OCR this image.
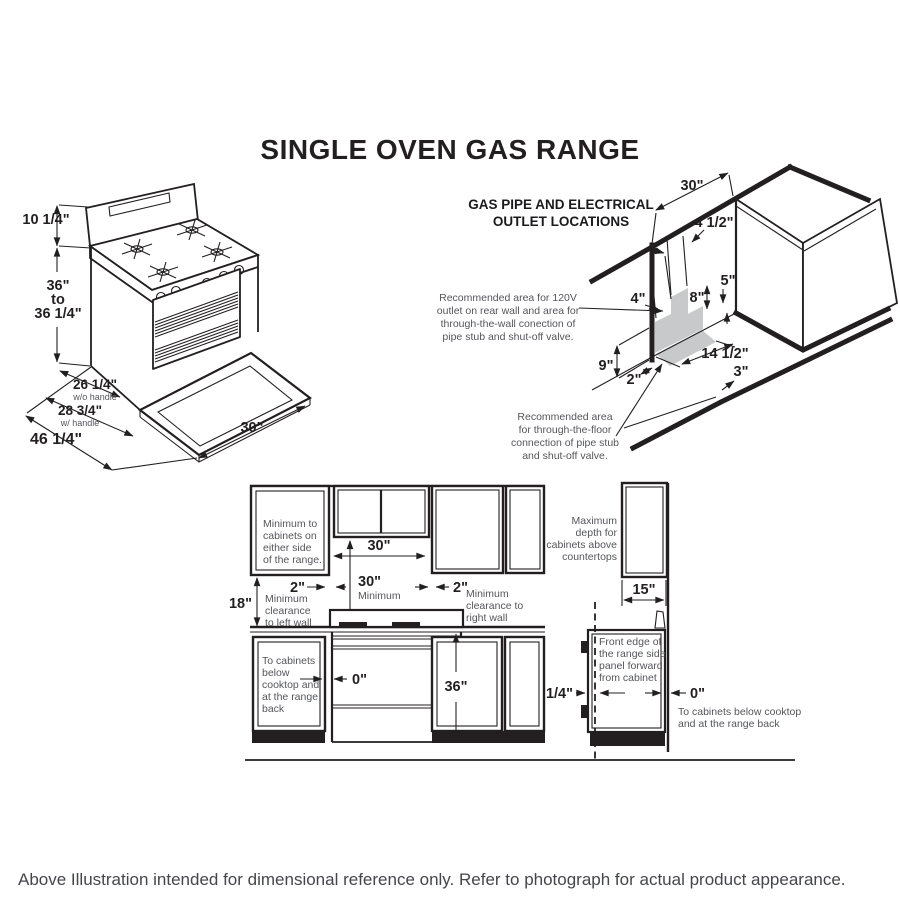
SINGLE OVEN GAS RANGE
10 1/4"
36"
to
36 1/4"
26 1/4"
w/o handle
28 3/4"
w/ handle
46 1/4"
30"
GAS PIPE AND ELECTRICAL
OUTLET LOCATIONS
30"
4 1/2"
4"	8"
5"
9"
2"
14 1/2"
3"
Recommended area for 120V
outlet on rear wall and area for
through-the-wall conection of
pipe stub and shut-off valve.
Recommended area
for through-the-floor
connection of pipe stub
and shut-off valve.
Minimum to
cabinets on
either side
of the range.
30"
30"
Minimum
2"
Minimum
clearance
to left wall
2"
Minimum
clearance to
right wall
18"
To cabinets
below
cooktop and
at the range
back
0"	36"
Maximum
depth for
cabinets above
countertops
15"
Front edge of
the range side
panel forward
from cabinet
1/4"	0"
To cabinets below cooktop
and at the range back
Above Illustration intended for dimensional reference only. Refer to photograph for actual product appearance.
